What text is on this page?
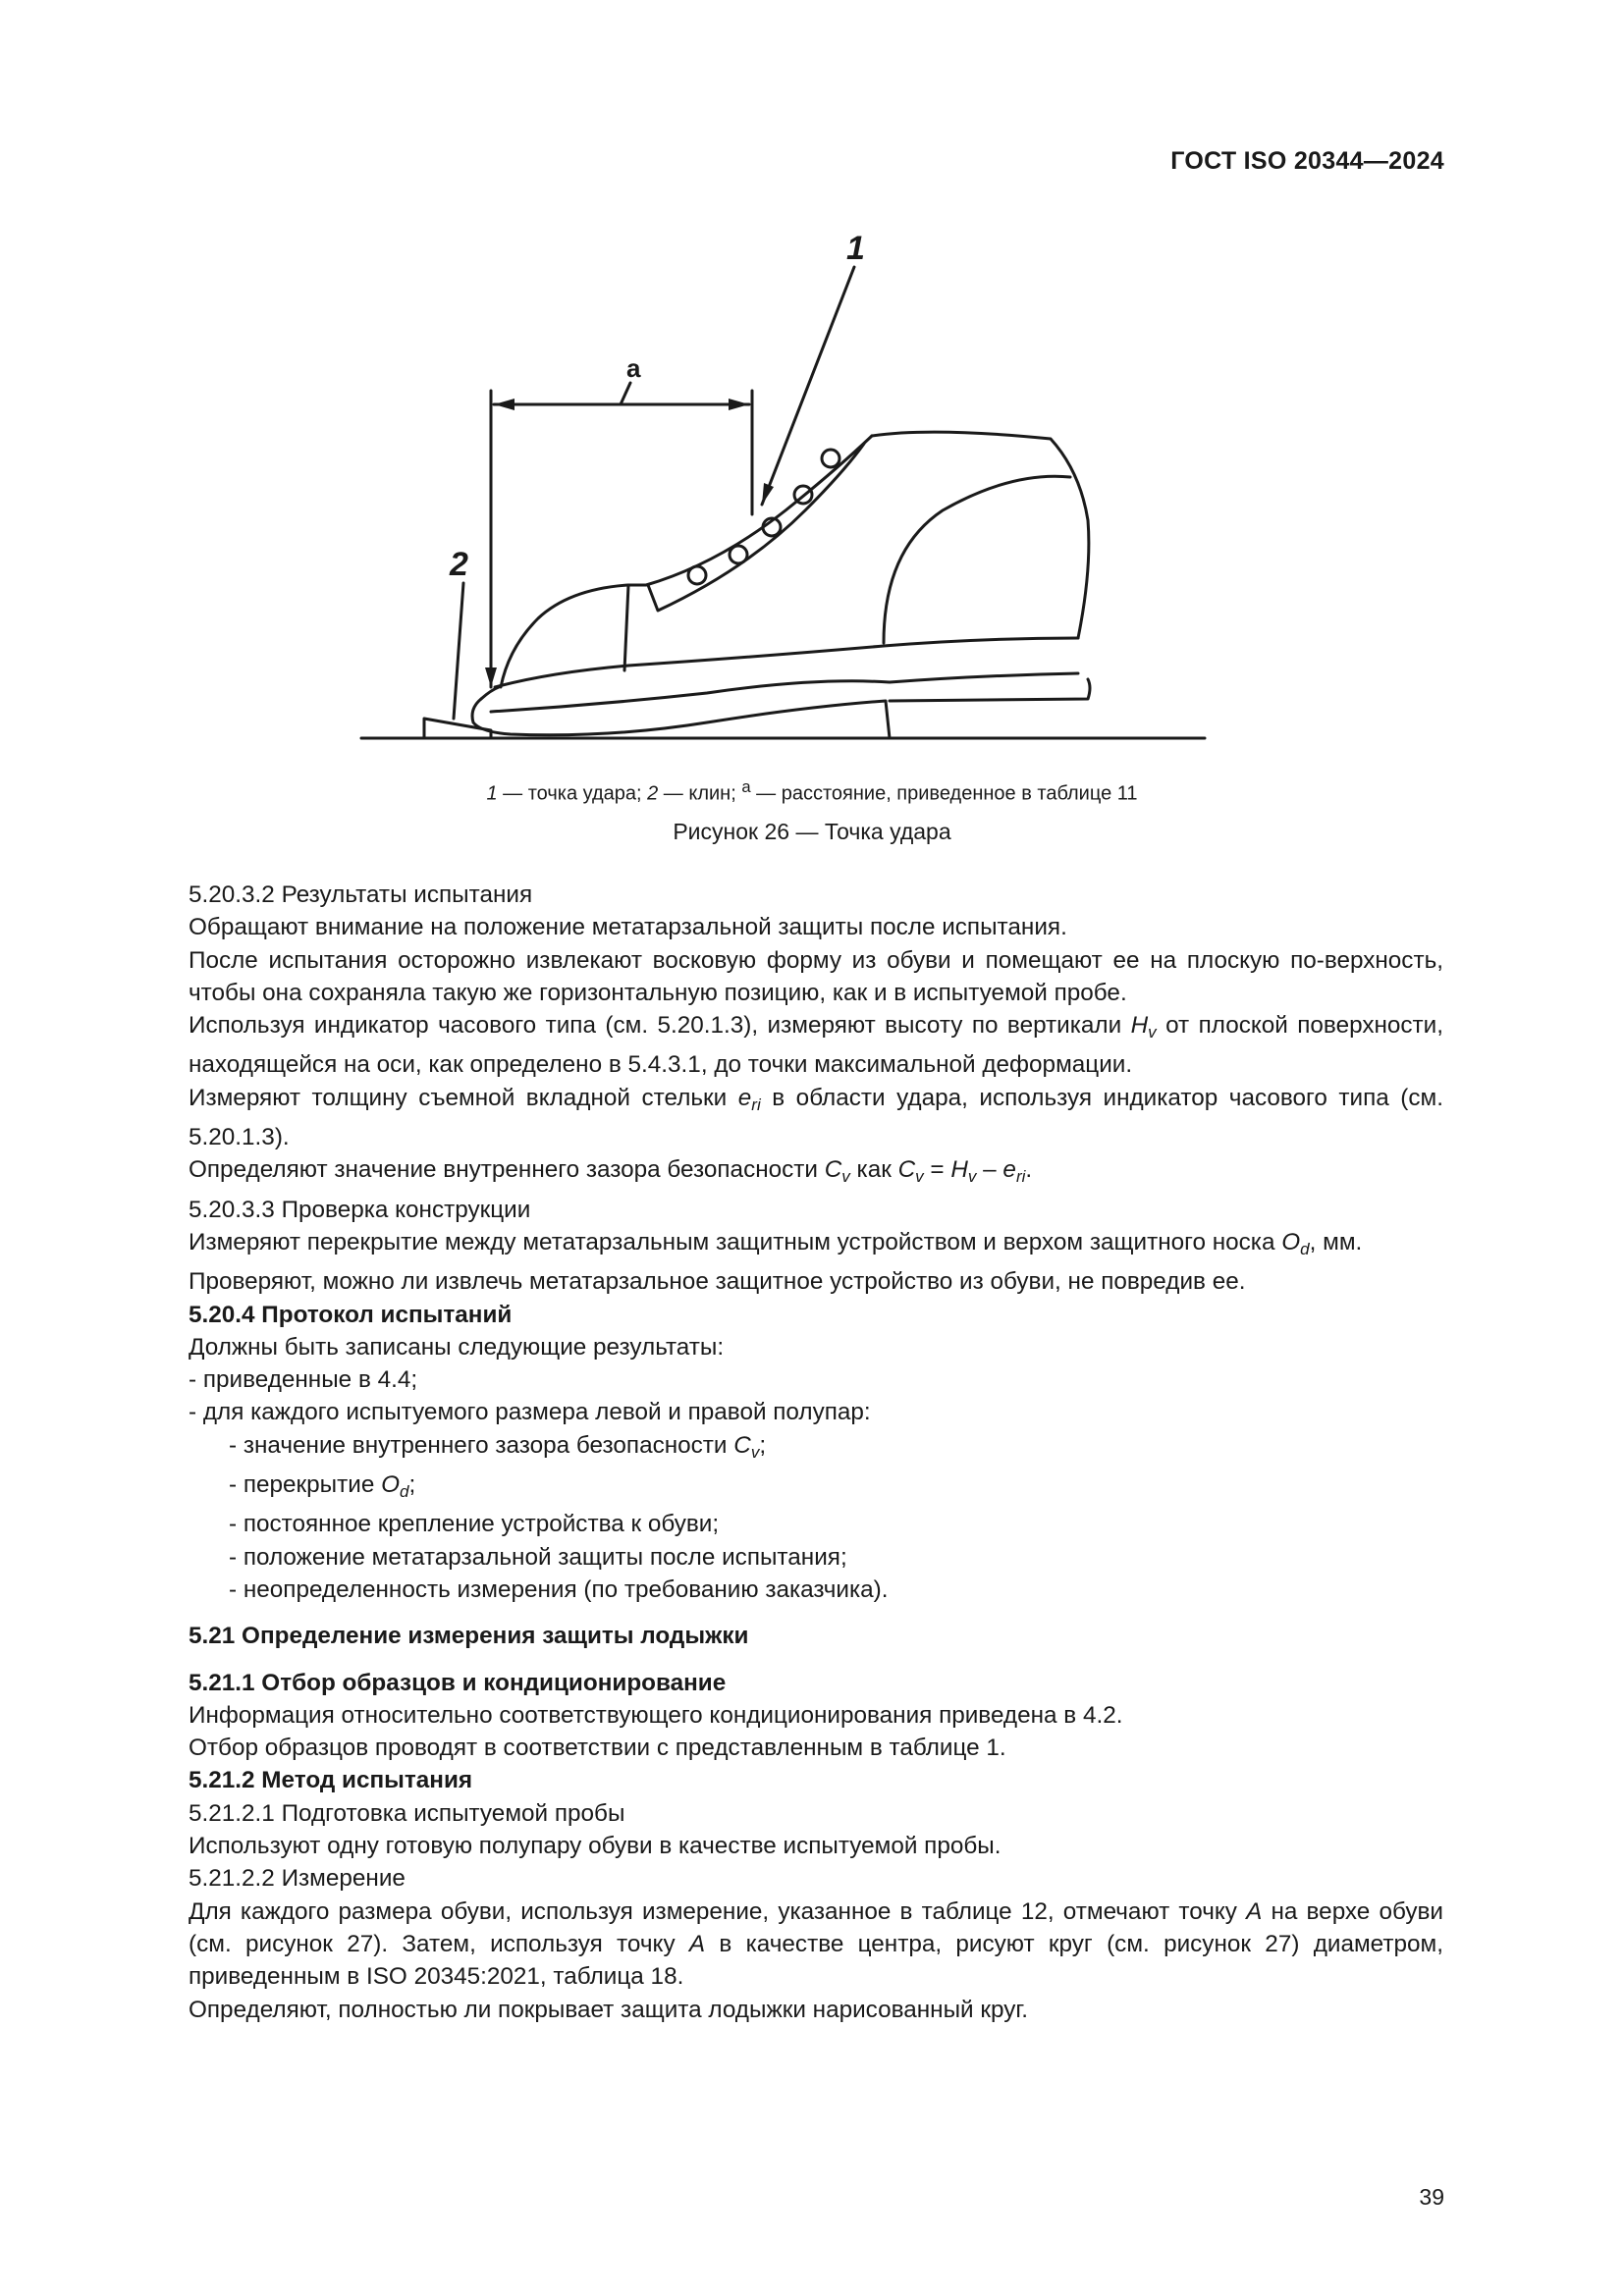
ГОСТ ISO 20344—2024
1
2
a
1 — точка удара; 2 — клин; $^a$ — расстояние, приведенное в таблице 11
Рисунок 26 — Точка удара

5.20.3.2 Результаты испытания

Обращают внимание на положение метатарзальной защиты после испытания.

После испытания осторожно извлекают восковую форму из обуви и помещают ее на плоскую по-верхность, чтобы она сохраняла такую же горизонтальную позицию, как и в испытуемой пробе.

Используя индикатор часового типа (см. 5.20.1.3), измеряют высоту по вертикали $H_v$ от плоской поверхности, находящейся на оси, как определено в 5.4.3.1, до точки максимальной деформации.

Измеряют толщину съемной вкладной стельки $e_{ri}$ в области удара, используя индикатор часового типа (см. 5.20.1.3).

Определяют значение внутреннего зазора безопасности $C_v$ как $C_v = H_v - e_{ri}$.

5.20.3.3 Проверка конструкции

Измеряют перекрытие между метатарзальным защитным устройством и верхом защитного носка $O_d$, мм.

Проверяют, можно ли извлечь метатарзальное защитное устройство из обуви, не повредив ее.

5.20.4 Протокол испытаний

Должны быть записаны следующие результаты:

- приведенные в 4.4;

- для каждого испытуемого размера левой и правой полупар:

- значение внутреннего зазора безопасности $C_v$;

- перекрытие $O_d$;

- постоянное крепление устройства к обуви;

- положение метатарзальной защиты после испытания;

- неопределенность измерения (по требованию заказчика).

5.21 Определение измерения защиты лодыжки

5.21.1 Отбор образцов и кондиционирование

Информация относительно соответствующего кондиционирования приведена в 4.2.

Отбор образцов проводят в соответствии с представленным в таблице 1.

5.21.2 Метод испытания

5.21.2.1 Подготовка испытуемой пробы

Используют одну готовую полупару обуви в качестве испытуемой пробы.

5.21.2.2 Измерение

Для каждого размера обуви, используя измерение, указанное в таблице 12, отмечают точку A на верхе обуви (см. рисунок 27). Затем, используя точку A в качестве центра, рисуют круг (см. рисунок 27) диаметром, приведенным в ISO 20345:2021, таблица 18.

Определяют, полностью ли покрывает защита лодыжки нарисованный круг.

39
